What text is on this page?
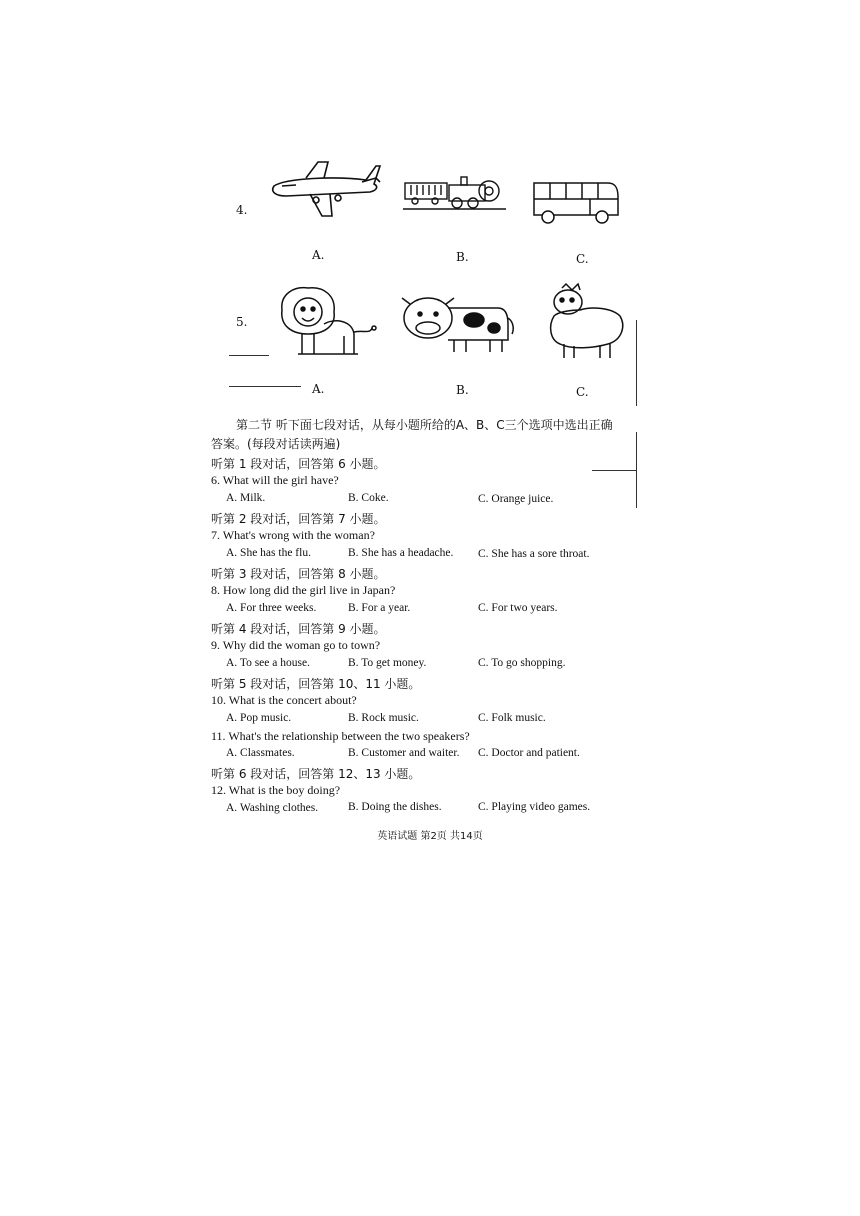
4.
A.	B.	C.
5.
A.	B.	C.
第二节 听下面七段对话，从每小题所给的A、B、C三个选项中选出正确
答案。(每段对话读两遍)
听第 1 段对话，回答第 6 小题。
6. What will the girl have?
A. Milk.	B. Coke.	C. Orange juice.
听第 2 段对话，回答第 7 小题。
7. What's wrong with the woman?
A. She has the flu.	B. She has a headache. C. She has a sore throat.
听第 3 段对话，回答第 8 小题。
8. How long did the girl live in Japan?
A. For three weeks.	B. For a year.	C. For two years.
听第 4 段对话，回答第 9 小题。
9. Why did the woman go to town?
A. To see a house.	B. To get money.	C. To go shopping.
听第 5 段对话，回答第 10、11 小题。
10. What is the concert about?
A. Pop music.	B. Rock music.	C. Folk music.
11. What's the relationship between the two speakers?
A. Classmates.	B. Customer and waiter. C. Doctor and patient.
听第 6 段对话，回答第 12、13 小题。
12. What is the boy doing?
A. Washing clothes.	B. Doing the dishes.	C. Playing video games.
英语试题 第2页 共14页
